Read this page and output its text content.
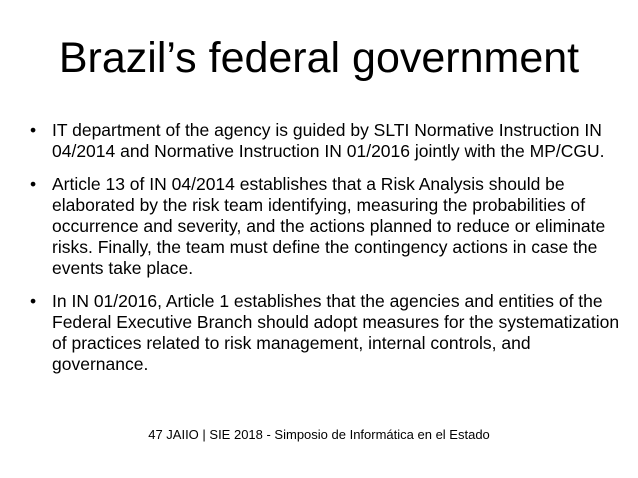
Brazil’s federal government
• IT department of the agency is guided by SLTI Normative Instruction IN 04/2014 and Normative Instruction IN 01/2016 jointly with the MP/CGU.
• Article 13 of IN 04/2014 establishes that a Risk Analysis should be elaborated by the risk team identifying, measuring the probabilities of occurrence and severity, and the actions planned to reduce or eliminate risks. Finally, the team must define the contingency actions in case the events take place.
• In IN 01/2016, Article 1 establishes that the agencies and entities of the Federal Executive Branch should adopt measures for the systematization of practices related to risk management, internal controls, and governance.
47 JAIIO | SIE 2018 - Simposio de Informática en el Estado
